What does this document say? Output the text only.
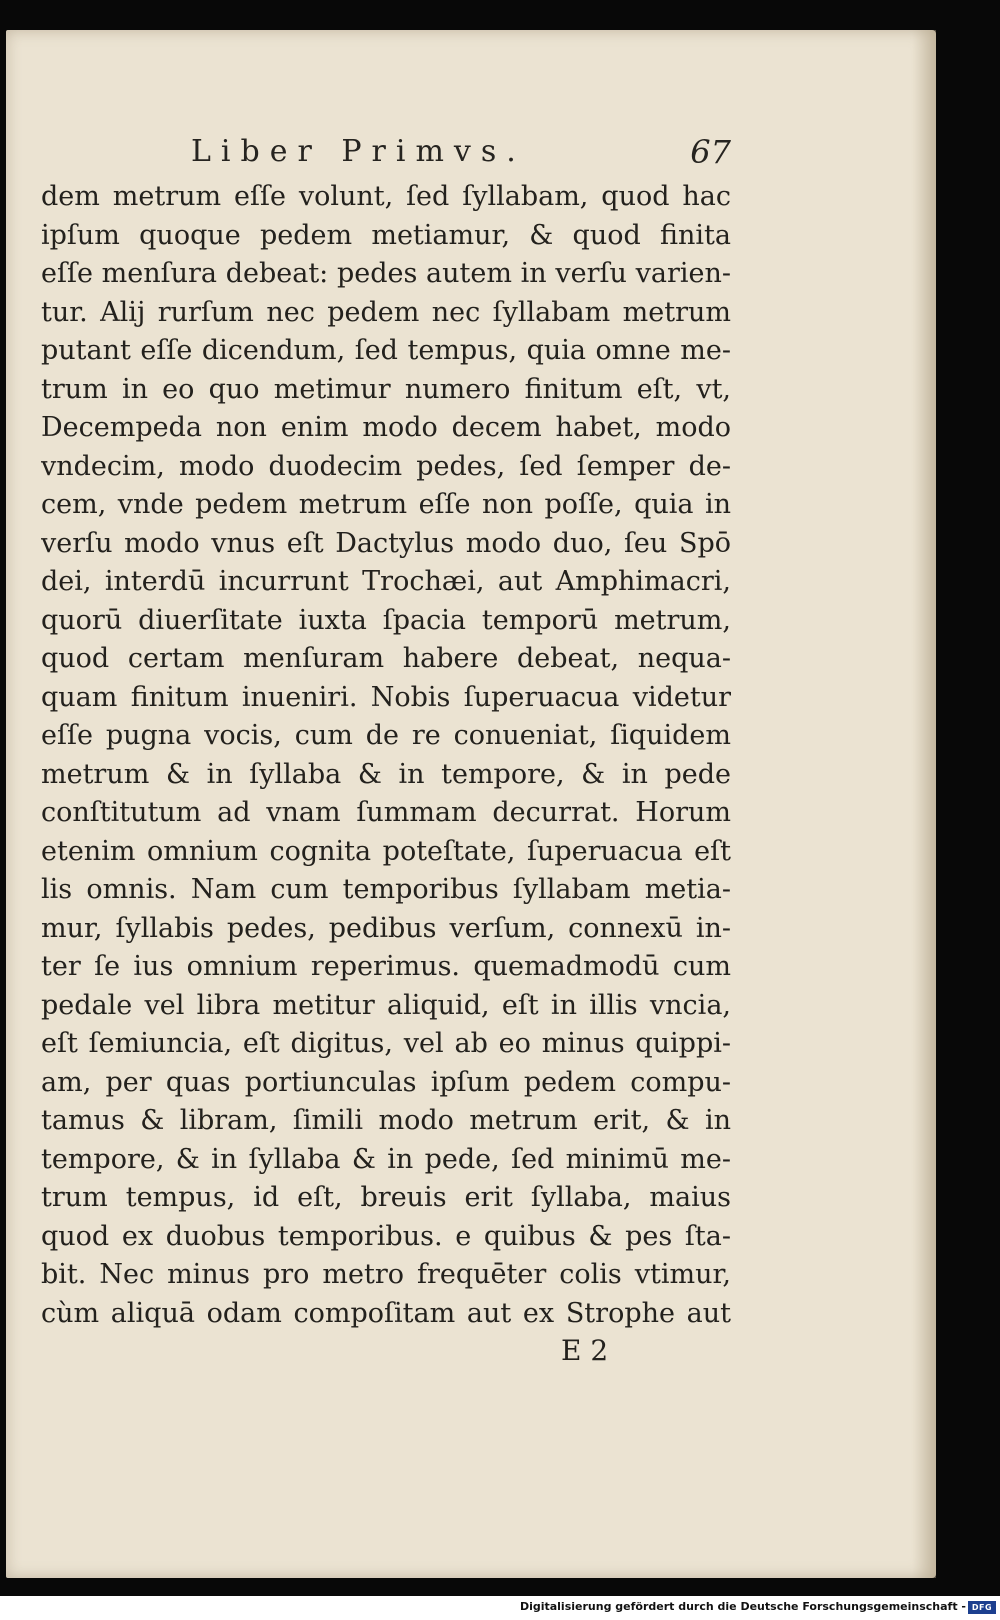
Liber Primvs.	67
dem metrum eſſe volunt, ſed ſyllabam, quod hac
ipſum quoque pedem metiamur, & quod finita
eſſe menſura debeat: pedes autem in verſu varien-
tur. Alij rurſum nec pedem nec ſyllabam metrum
putant eſſe dicendum, ſed tempus, quia omne me-
trum in eo quo metimur numero finitum eſt, vt,
Decempeda non enim modo decem habet, modo
vndecim, modo duodecim pedes, ſed ſemper de-
cem, vnde pedem metrum eſſe non poſſe, quia in
verſu modo vnus eſt Dactylus modo duo, ſeu Spō
dei, interdū incurrunt Trochæi, aut Amphimacri,
quorū diuerſitate iuxta ſpacia temporū metrum,
quod certam menſuram habere debeat, nequa-
quam finitum inueniri. Nobis ſuperuacua videtur
eſſe pugna vocis, cum de re conueniat, ſiquidem
metrum & in ſyllaba & in tempore, & in pede
conſtitutum ad vnam ſummam decurrat. Horum
etenim omnium cognita poteſtate, ſuperuacua eſt
lis omnis. Nam cum temporibus ſyllabam metia-
mur, ſyllabis pedes, pedibus verſum, connexū in-
ter ſe ius omnium reperimus. quemadmodū cum
pedale vel libra metitur aliquid, eſt in illis vncia,
eſt ſemiuncia, eſt digitus, vel ab eo minus quippi-
am, per quas portiunculas ipſum pedem compu-
tamus & libram, ſimili modo metrum erit, & in
tempore, & in ſyllaba & in pede, ſed minimū me-
trum tempus, id eſt, breuis erit ſyllaba, maius
quod ex duobus temporibus. e quibus & pes ſta-
bit. Nec minus pro metro frequēter colis vtimur,
cùm aliquā odam compoſitam aut ex Strophe aut
E 2
Digitalisierung gefördert durch die Deutsche Forschungsgemeinschaft - DFG
